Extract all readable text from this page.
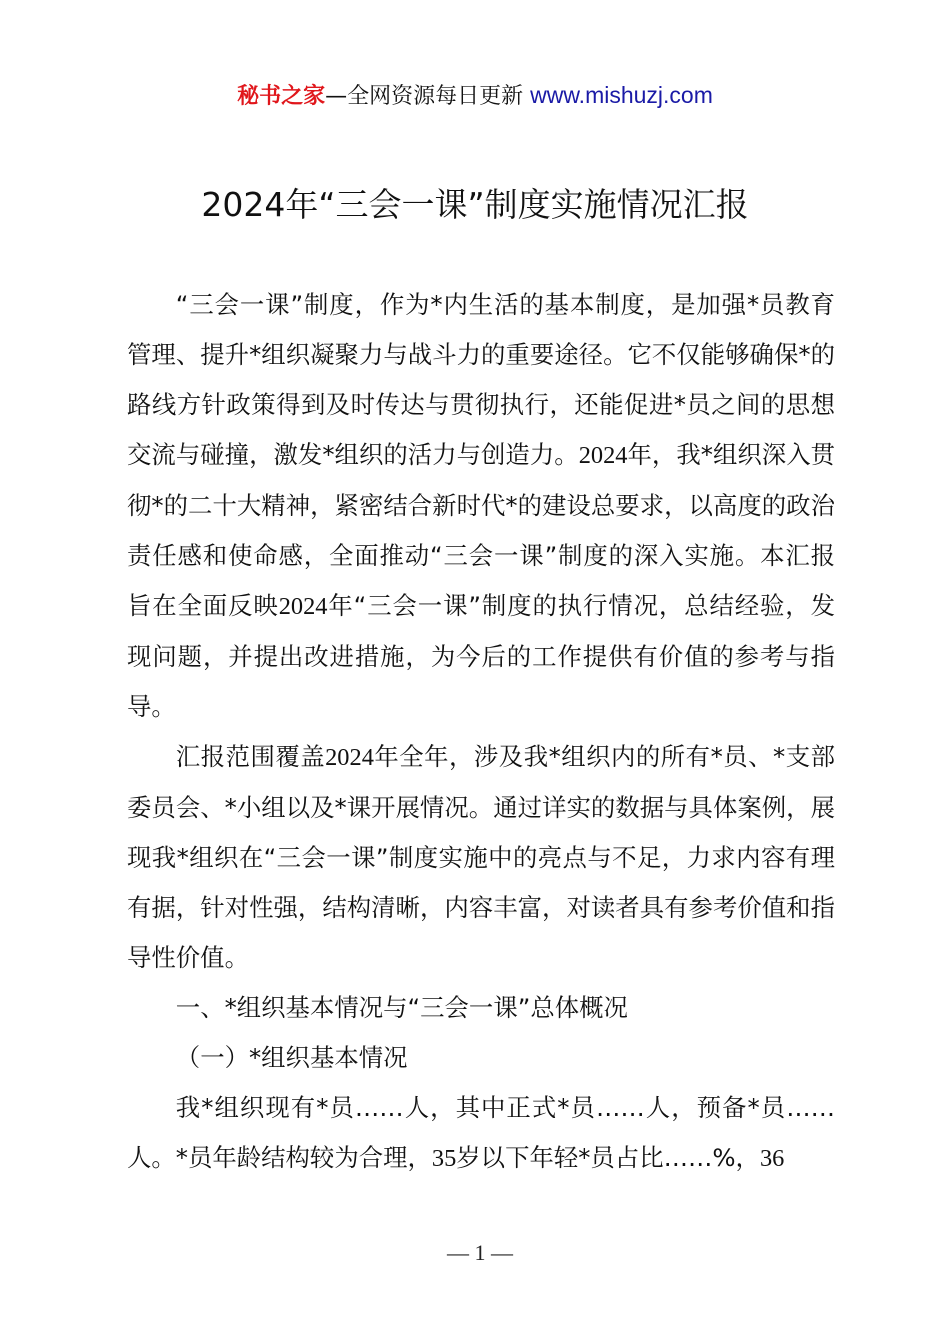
秘书之家—全网资源每日更新 www.mishuzj.com
2024年“三会一课”制度实施情况汇报

“三会一课”制度，作为*内生活的基本制度，是加强*员教育管理、提升*组织凝聚力与战斗力的重要途径。它不仅能够确保*的路线方针政策得到及时传达与贯彻执行，还能促进*员之间的思想交流与碰撞，激发*组织的活力与创造力。2024年，我*组织深入贯彻*的二十大精神，紧密结合新时代*的建设总要求，以高度的政治责任感和使命感，全面推动“三会一课”制度的深入实施。本汇报旨在全面反映2024年“三会一课”制度的执行情况，总结经验，发现问题，并提出改进措施，为今后的工作提供有价值的参考与指导。

汇报范围覆盖2024年全年，涉及我*组织内的所有*员、*支部委员会、*小组以及*课开展情况。通过详实的数据与具体案例，展现我*组织在“三会一课”制度实施中的亮点与不足，力求内容有理有据，针对性强，结构清晰，内容丰富，对读者具有参考价值和指导性价值。

一、*组织基本情况与“三会一课”总体概况

（一）*组织基本情况

我*组织现有*员……人，其中正式*员……人，预备*员……人。*员年龄结构较为合理，35岁以下年轻*员占比……%，36

— 1 —
